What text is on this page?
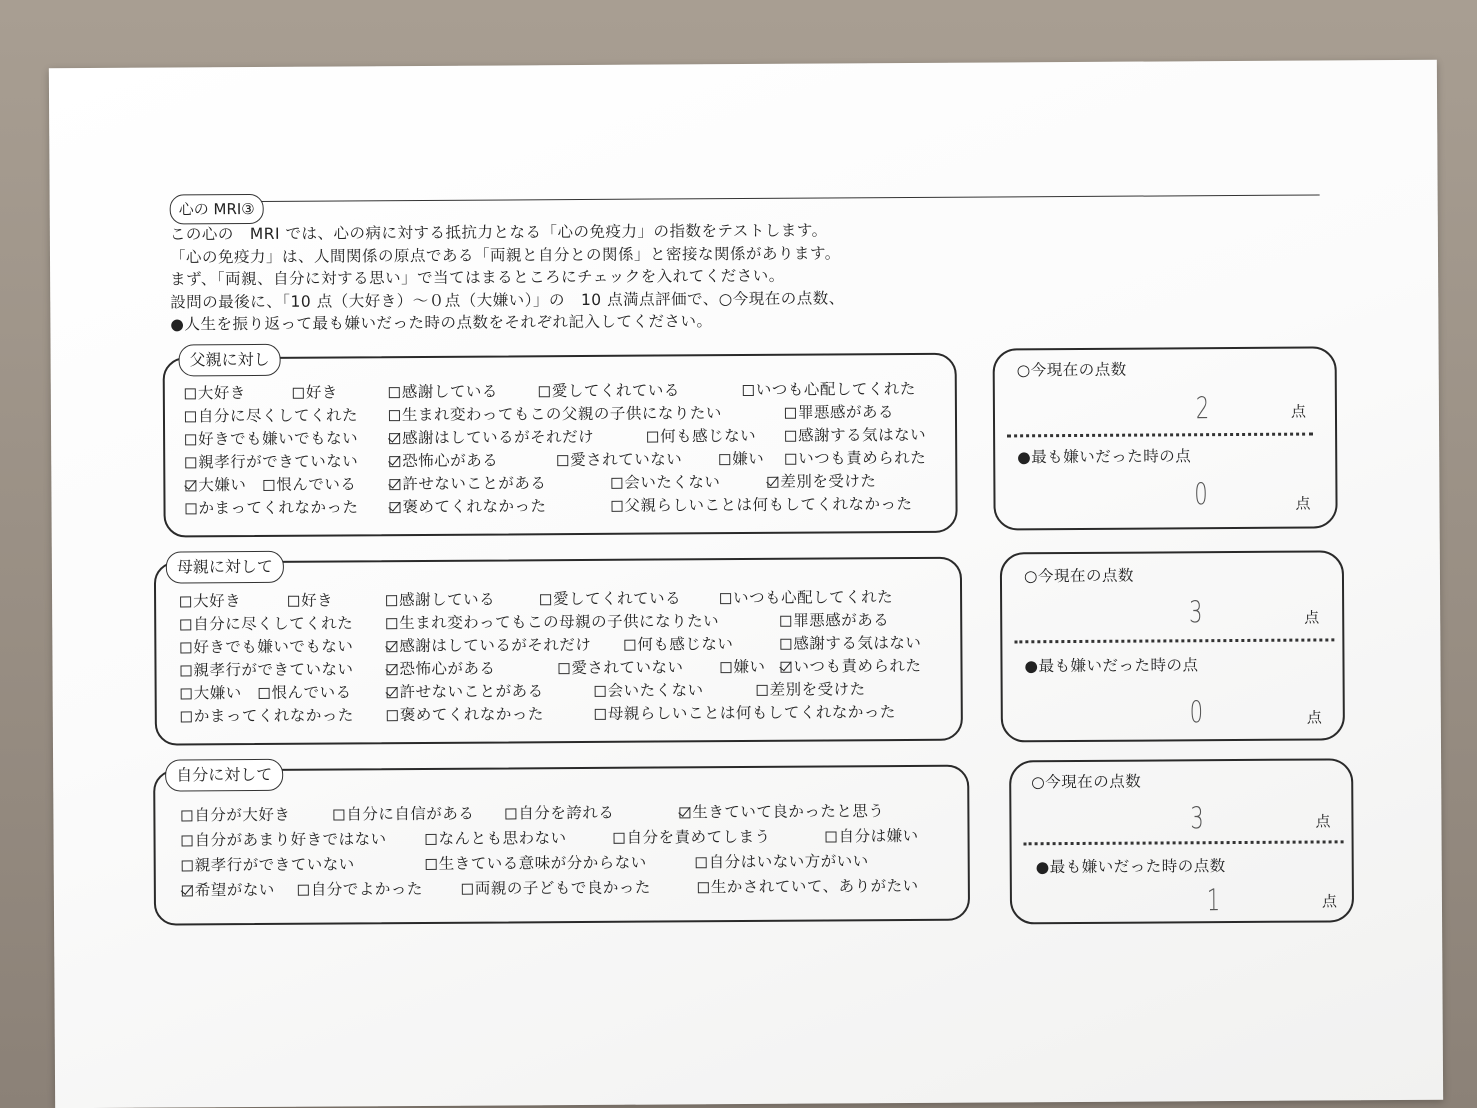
心の MRI③
この心の　MRI では、心の病に対する抵抗力となる「心の免疫力」の指数をテストします。
「心の免疫力」は、人間関係の原点である「両親と自分との関係」と密接な関係があります。
まず、「両親、自分に対する思い」で当てはまるところにチェックを入れてください。
設問の最後に、「10 点（大好き）～０点（大嫌い）」の　10 点満点評価で、○今現在の点数、
●人生を振り返って最も嫌いだった時の点数をそれぞれ記入してください。
父親に対し
大好き	好き	感謝している	愛してくれている	いつも心配してくれた
自分に尽くしてくれた	生まれ変わってもこの父親の子供になりたい	罪悪感がある
好きでも嫌いでもない	感謝はしているがそれだけ	何も感じない	感謝する気はない
親孝行ができていない	恐怖心がある	愛されていない	嫌い	いつも責められた
大嫌い	恨んでいる	許せないことがある	会いたくない	差別を受けた
かまってくれなかった	褒めてくれなかった	父親らしいことは何もしてくれなかった
○今現在の点数
2	点
●最も嫌いだった時の点
0	点
母親に対して
大好き	好き	感謝している	愛してくれている	いつも心配してくれた
自分に尽くしてくれた	生まれ変わってもこの母親の子供になりたい	罪悪感がある
好きでも嫌いでもない	感謝はしているがそれだけ	何も感じない	感謝する気はない
親孝行ができていない	恐怖心がある	愛されていない	嫌い	いつも責められた
大嫌い	恨んでいる	許せないことがある	会いたくない	差別を受けた
かまってくれなかった	褒めてくれなかった	母親らしいことは何もしてくれなかった
○今現在の点数
3	点
●最も嫌いだった時の点
0	点
自分に対して
自分が大好き	自分に自信がある	自分を誇れる	生きていて良かったと思う
自分があまり好きではない	なんとも思わない	自分を責めてしまう	自分は嫌い
親孝行ができていない	生きている意味が分からない	自分はいない方がいい
希望がない	自分でよかった	両親の子どもで良かった	生かされていて、ありがたい
○今現在の点数
3	点
●最も嫌いだった時の点数
1	点
